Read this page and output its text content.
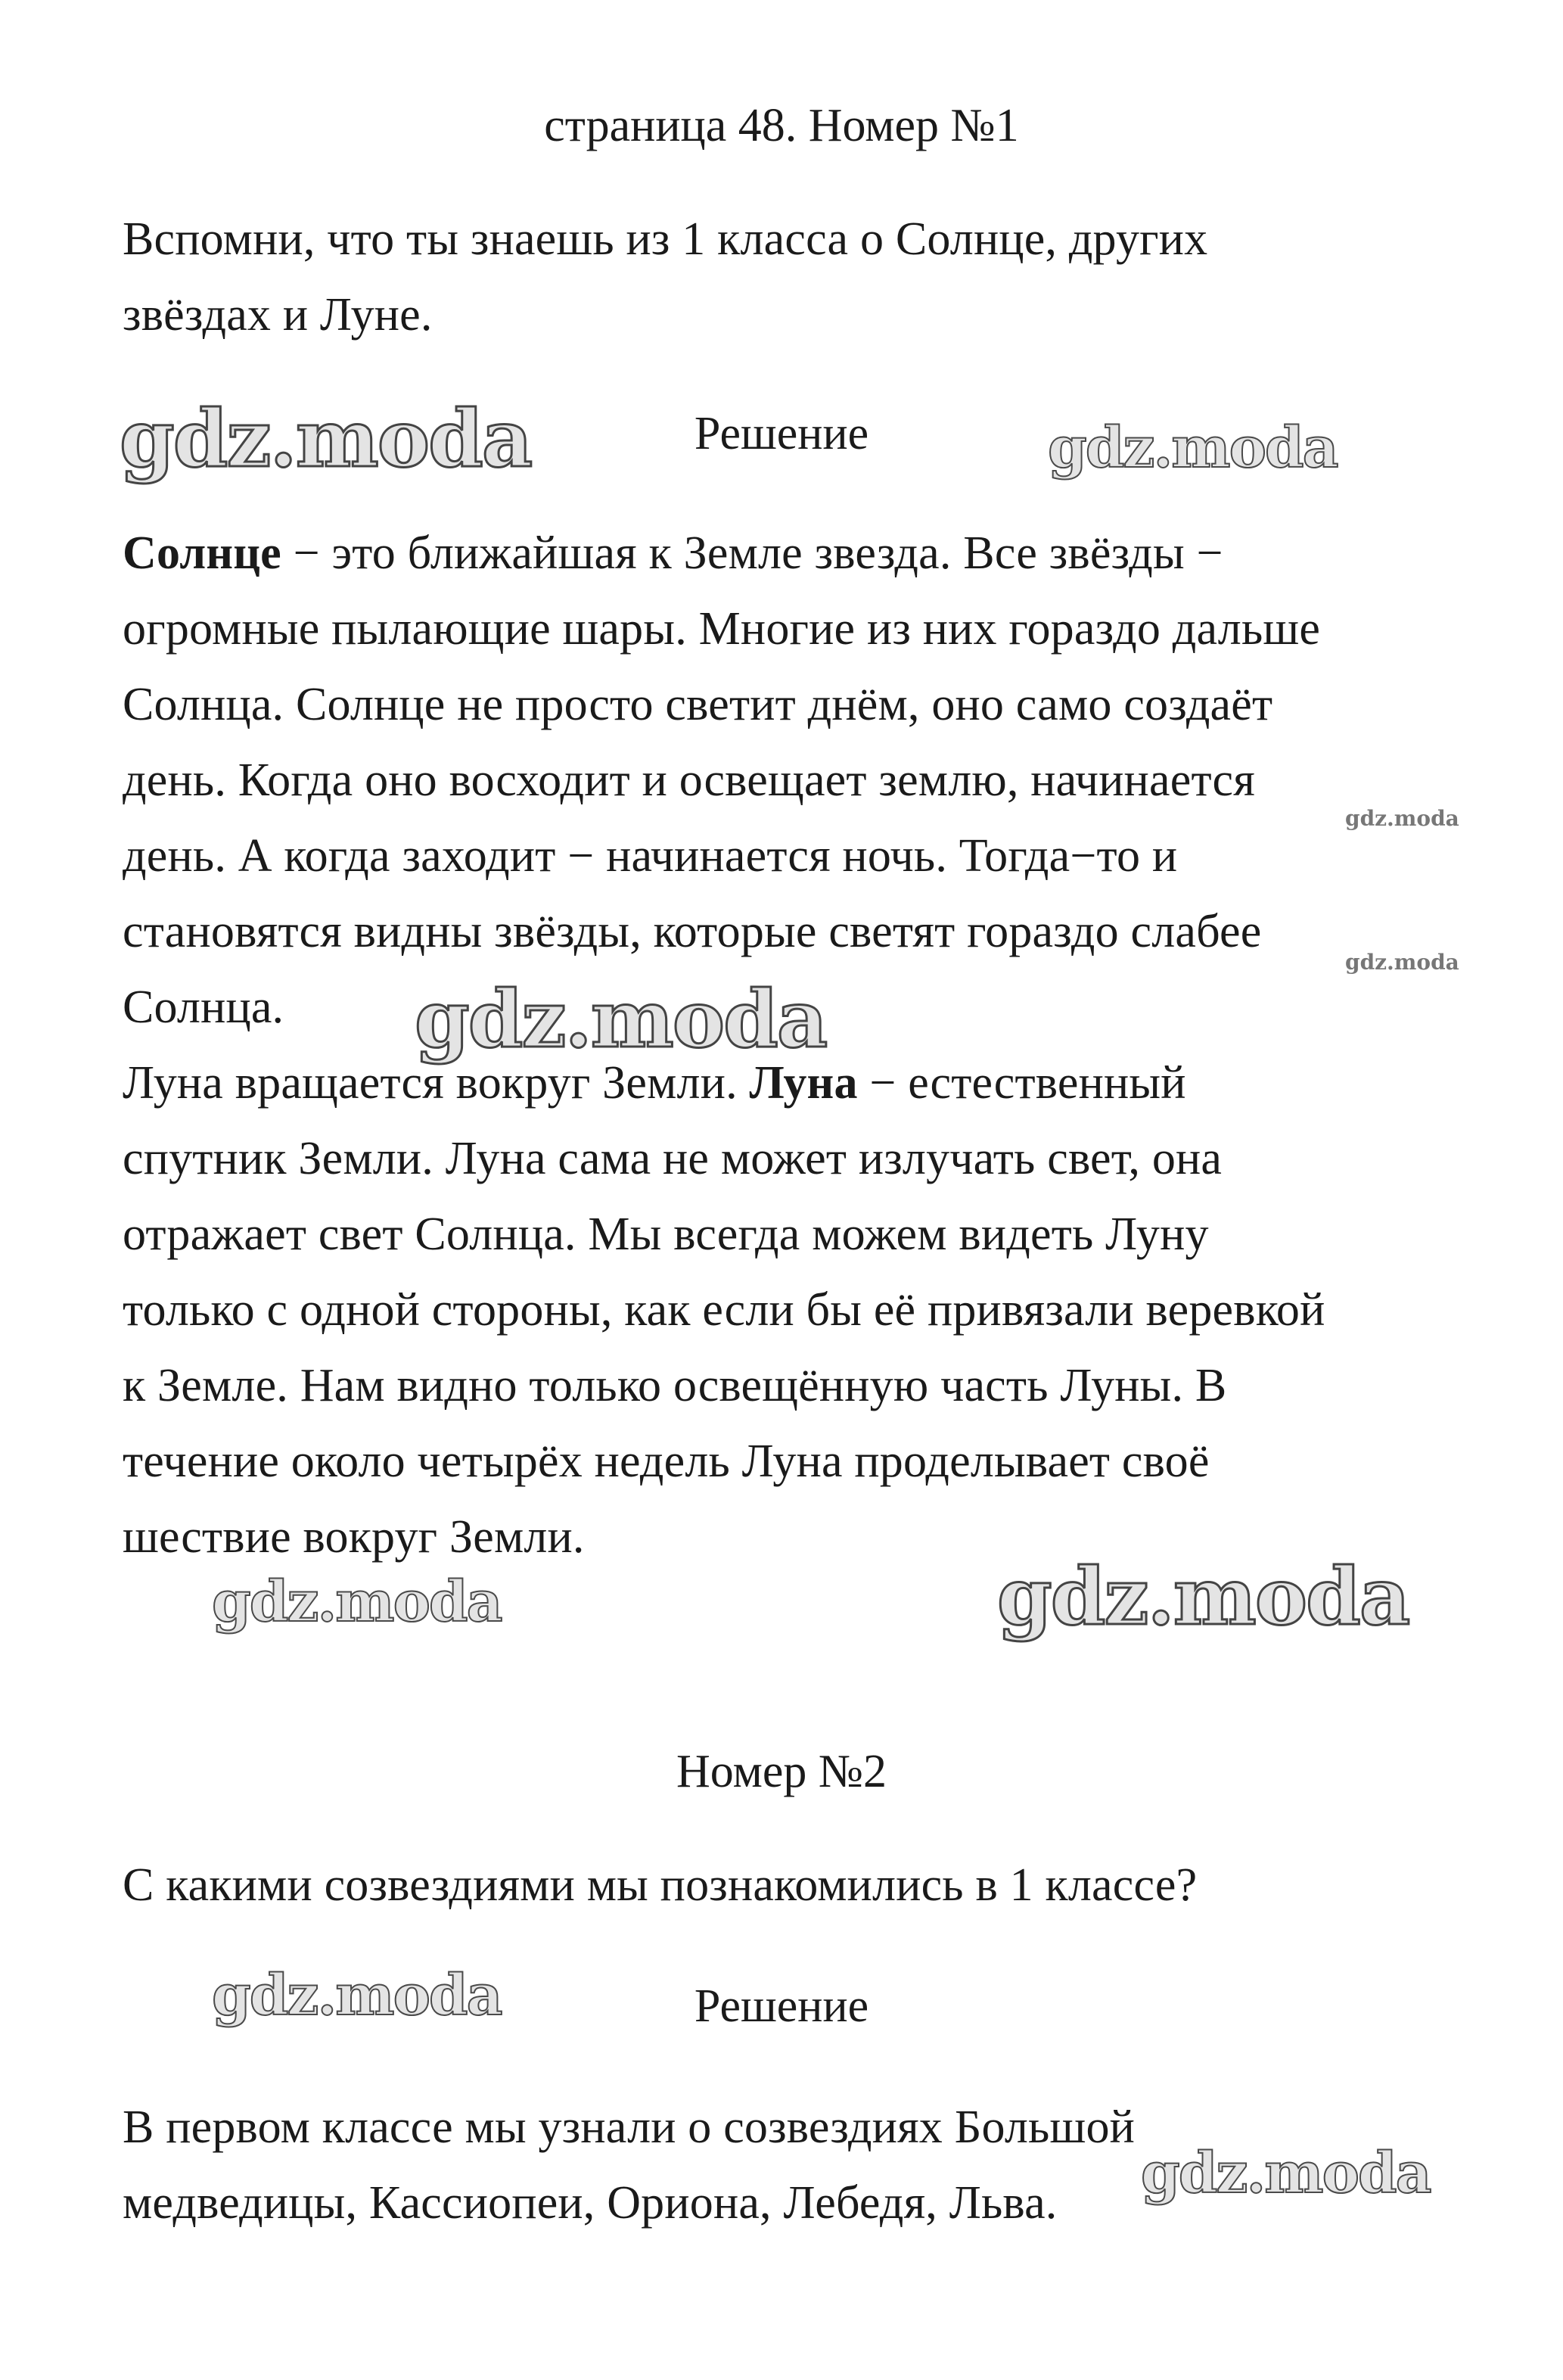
страница 48. Номер №1
Вспомни, что ты знаешь из 1 класса о Солнце, других
звёздах и Луне.
Решение
Солнце − это ближайшая к Земле звезда. Все звёзды −
огромные пылающие шары. Многие из них гораздо дальше
Солнца. Солнце не просто светит днём, оно само создаёт
день. Когда оно восходит и освещает землю, начинается
день. А когда заходит − начинается ночь. Тогда−то и
становятся видны звёзды, которые светят гораздо слабее
Солнца.
Луна вращается вокруг Земли. Луна − естественный
спутник Земли. Луна сама не может излучать свет, она
отражает свет Солнца. Мы всегда можем видеть Луну
только с одной стороны, как если бы её привязали веревкой
к Земле. Нам видно только освещённую часть Луны. В
течение около четырёх недель Луна проделывает своё
шествие вокруг Земли.
Номер №2
С какими созвездиями мы познакомились в 1 классе?
Решение
В первом классе мы узнали о созвездиях Большой
медведицы, Кассиопеи, Ориона, Лебедя, Льва.
gdz.moda	gdz.moda
gdz.moda
gdz.moda
gdz.moda
gdz.moda	gdz.moda
gdz.moda
gdz.moda
